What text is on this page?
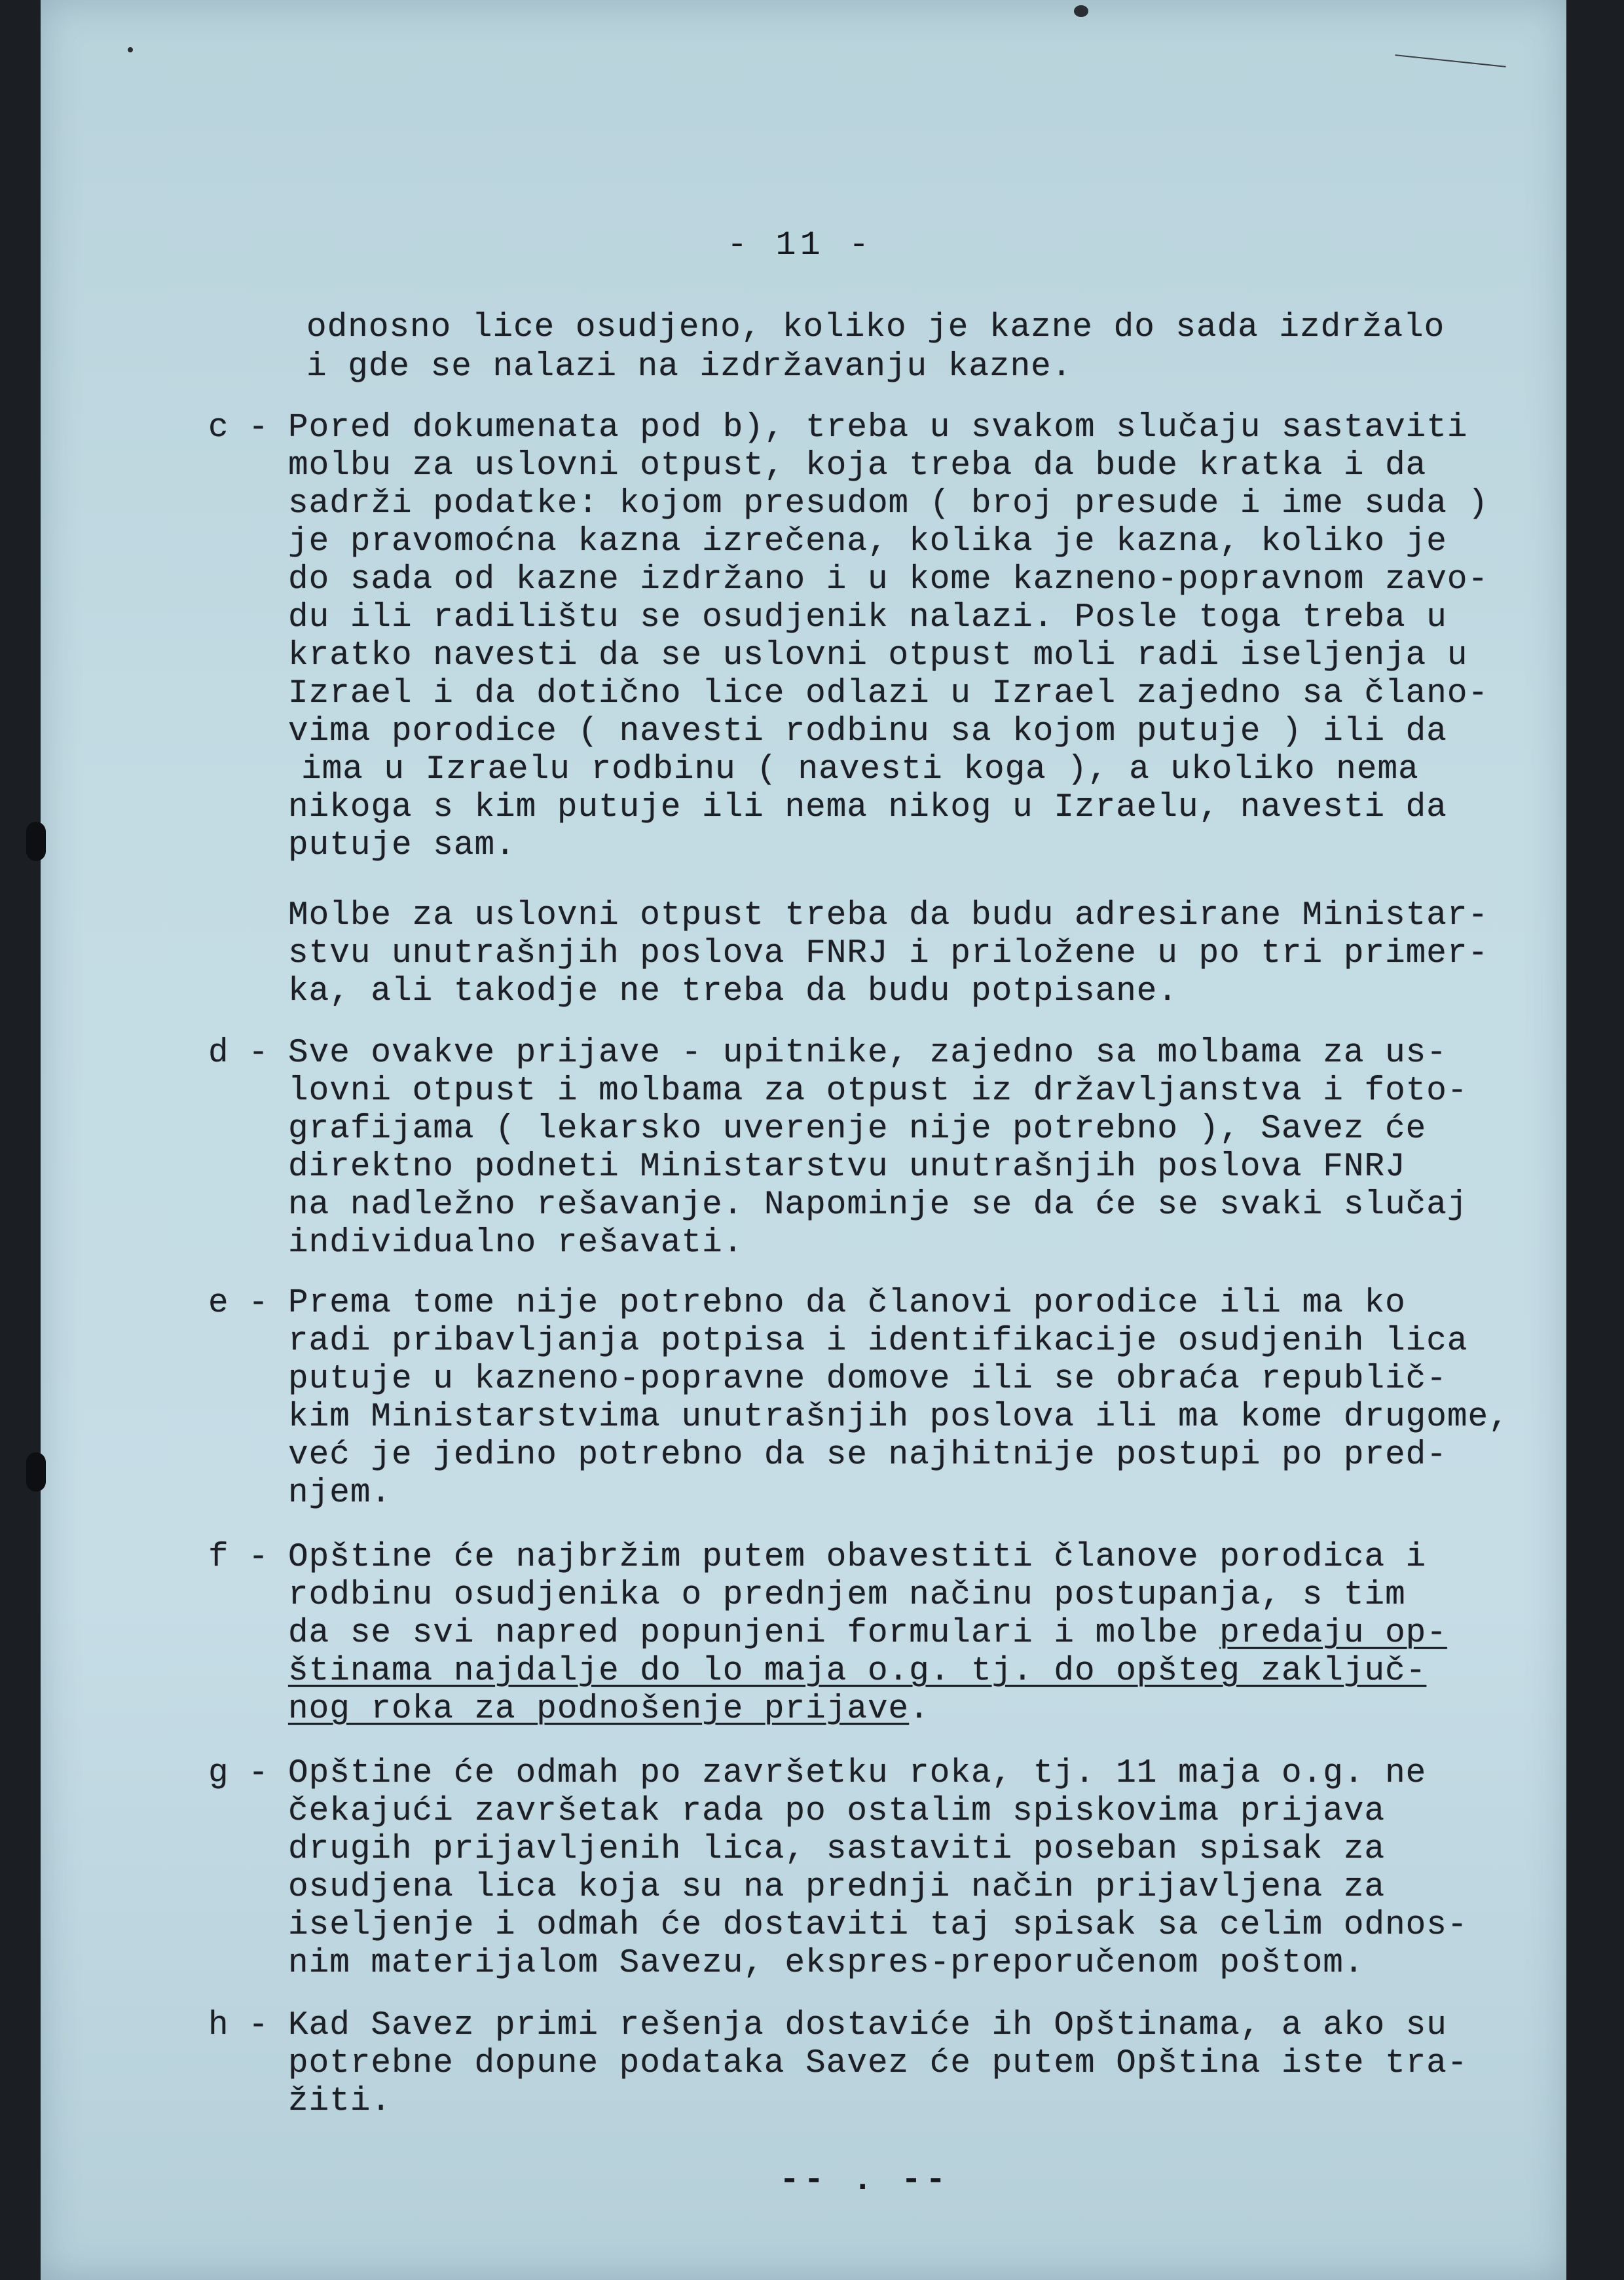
- 11 -
odnosno lice osudjeno, koliko je kazne do sada izdržalo
i gde se nalazi na izdržavanju kazne.
c - Pored dokumenata pod b), treba u svakom slučaju sastaviti
molbu za uslovni otpust, koja treba da bude kratka i da
sadrži podatke: kojom presudom ( broj presude i ime suda )
je pravomoćna kazna izrečena, kolika je kazna, koliko je
do sada od kazne izdržano i u kome kazneno-popravnom zavo-
du ili radilištu se osudjenik nalazi. Posle toga treba u
kratko navesti da se uslovni otpust moli radi iseljenja u
Izrael i da dotično lice odlazi u Izrael zajedno sa člano-
vima porodice ( navesti rodbinu sa kojom putuje ) ili da
ima u Izraelu rodbinu ( navesti koga ), a ukoliko nema
nikoga s kim putuje ili nema nikog u Izraelu, navesti da
putuje sam.
Molbe za uslovni otpust treba da budu adresirane Ministar-
stvu unutrašnjih poslova FNRJ i priložene u po tri primer-
ka, ali takodje ne treba da budu potpisane.
d - Sve ovakve prijave - upitnike, zajedno sa molbama za us-
lovni otpust i molbama za otpust iz državljanstva i foto-
grafijama ( lekarsko uverenje nije potrebno ), Savez će
direktno podneti Ministarstvu unutrašnjih poslova FNRJ
na nadležno rešavanje. Napominje se da će se svaki slučaj
individualno rešavati.
e - Prema tome nije potrebno da članovi porodice ili ma ko
radi pribavljanja potpisa i identifikacije osudjenih lica
putuje u kazneno-popravne domove ili se obraća republič-
kim Ministarstvima unutrašnjih poslova ili ma kome drugome,
već je jedino potrebno da se najhitnije postupi po pred-
njem.
f - Opštine će najbržim putem obavestiti članove porodica i
rodbinu osudjenika o prednjem načinu postupanja, s tim
da se svi napred popunjeni formulari i molbe predaju op-
štinama najdalje do lo maja o.g. tj. do opšteg zaključ-
nog roka za podnošenje prijave.
g - Opštine će odmah po završetku roka, tj. 11 maja o.g. ne
čekajući završetak rada po ostalim spiskovima prijava
drugih prijavljenih lica, sastaviti poseban spisak za
osudjena lica koja su na prednji način prijavljena za
iseljenje i odmah će dostaviti taj spisak sa celim odnos-
nim materijalom Savezu, ekspres-preporučenom poštom.
h - Kad Savez primi rešenja dostaviće ih Opštinama, a ako su
potrebne dopune podataka Savez će putem Opština iste tra-
žiti.
-- . --
